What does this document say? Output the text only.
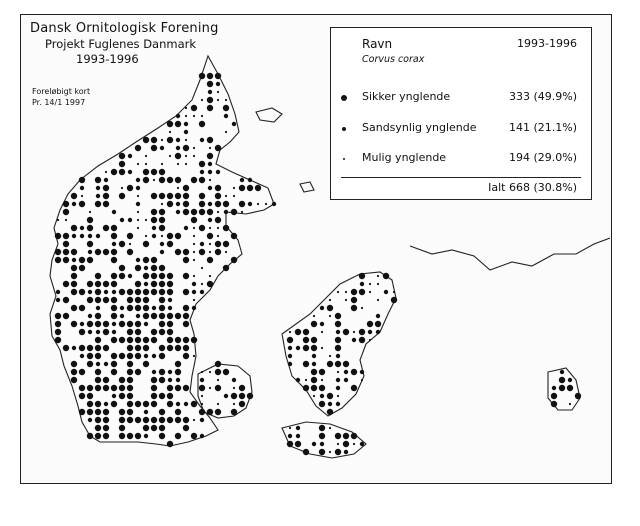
Dansk Ornitologisk Forening
Projekt Fuglenes Danmark
1993-1996
Foreløbigt kort
Pr. 14/1 1997
Ravn	1993-1996
Corvus corax
Sikker ynglende	333 (49.9%)
Sandsynlig ynglende	141 (21.1%)
Mulig ynglende	194 (29.0%)
Ialt 668 (30.8%)
